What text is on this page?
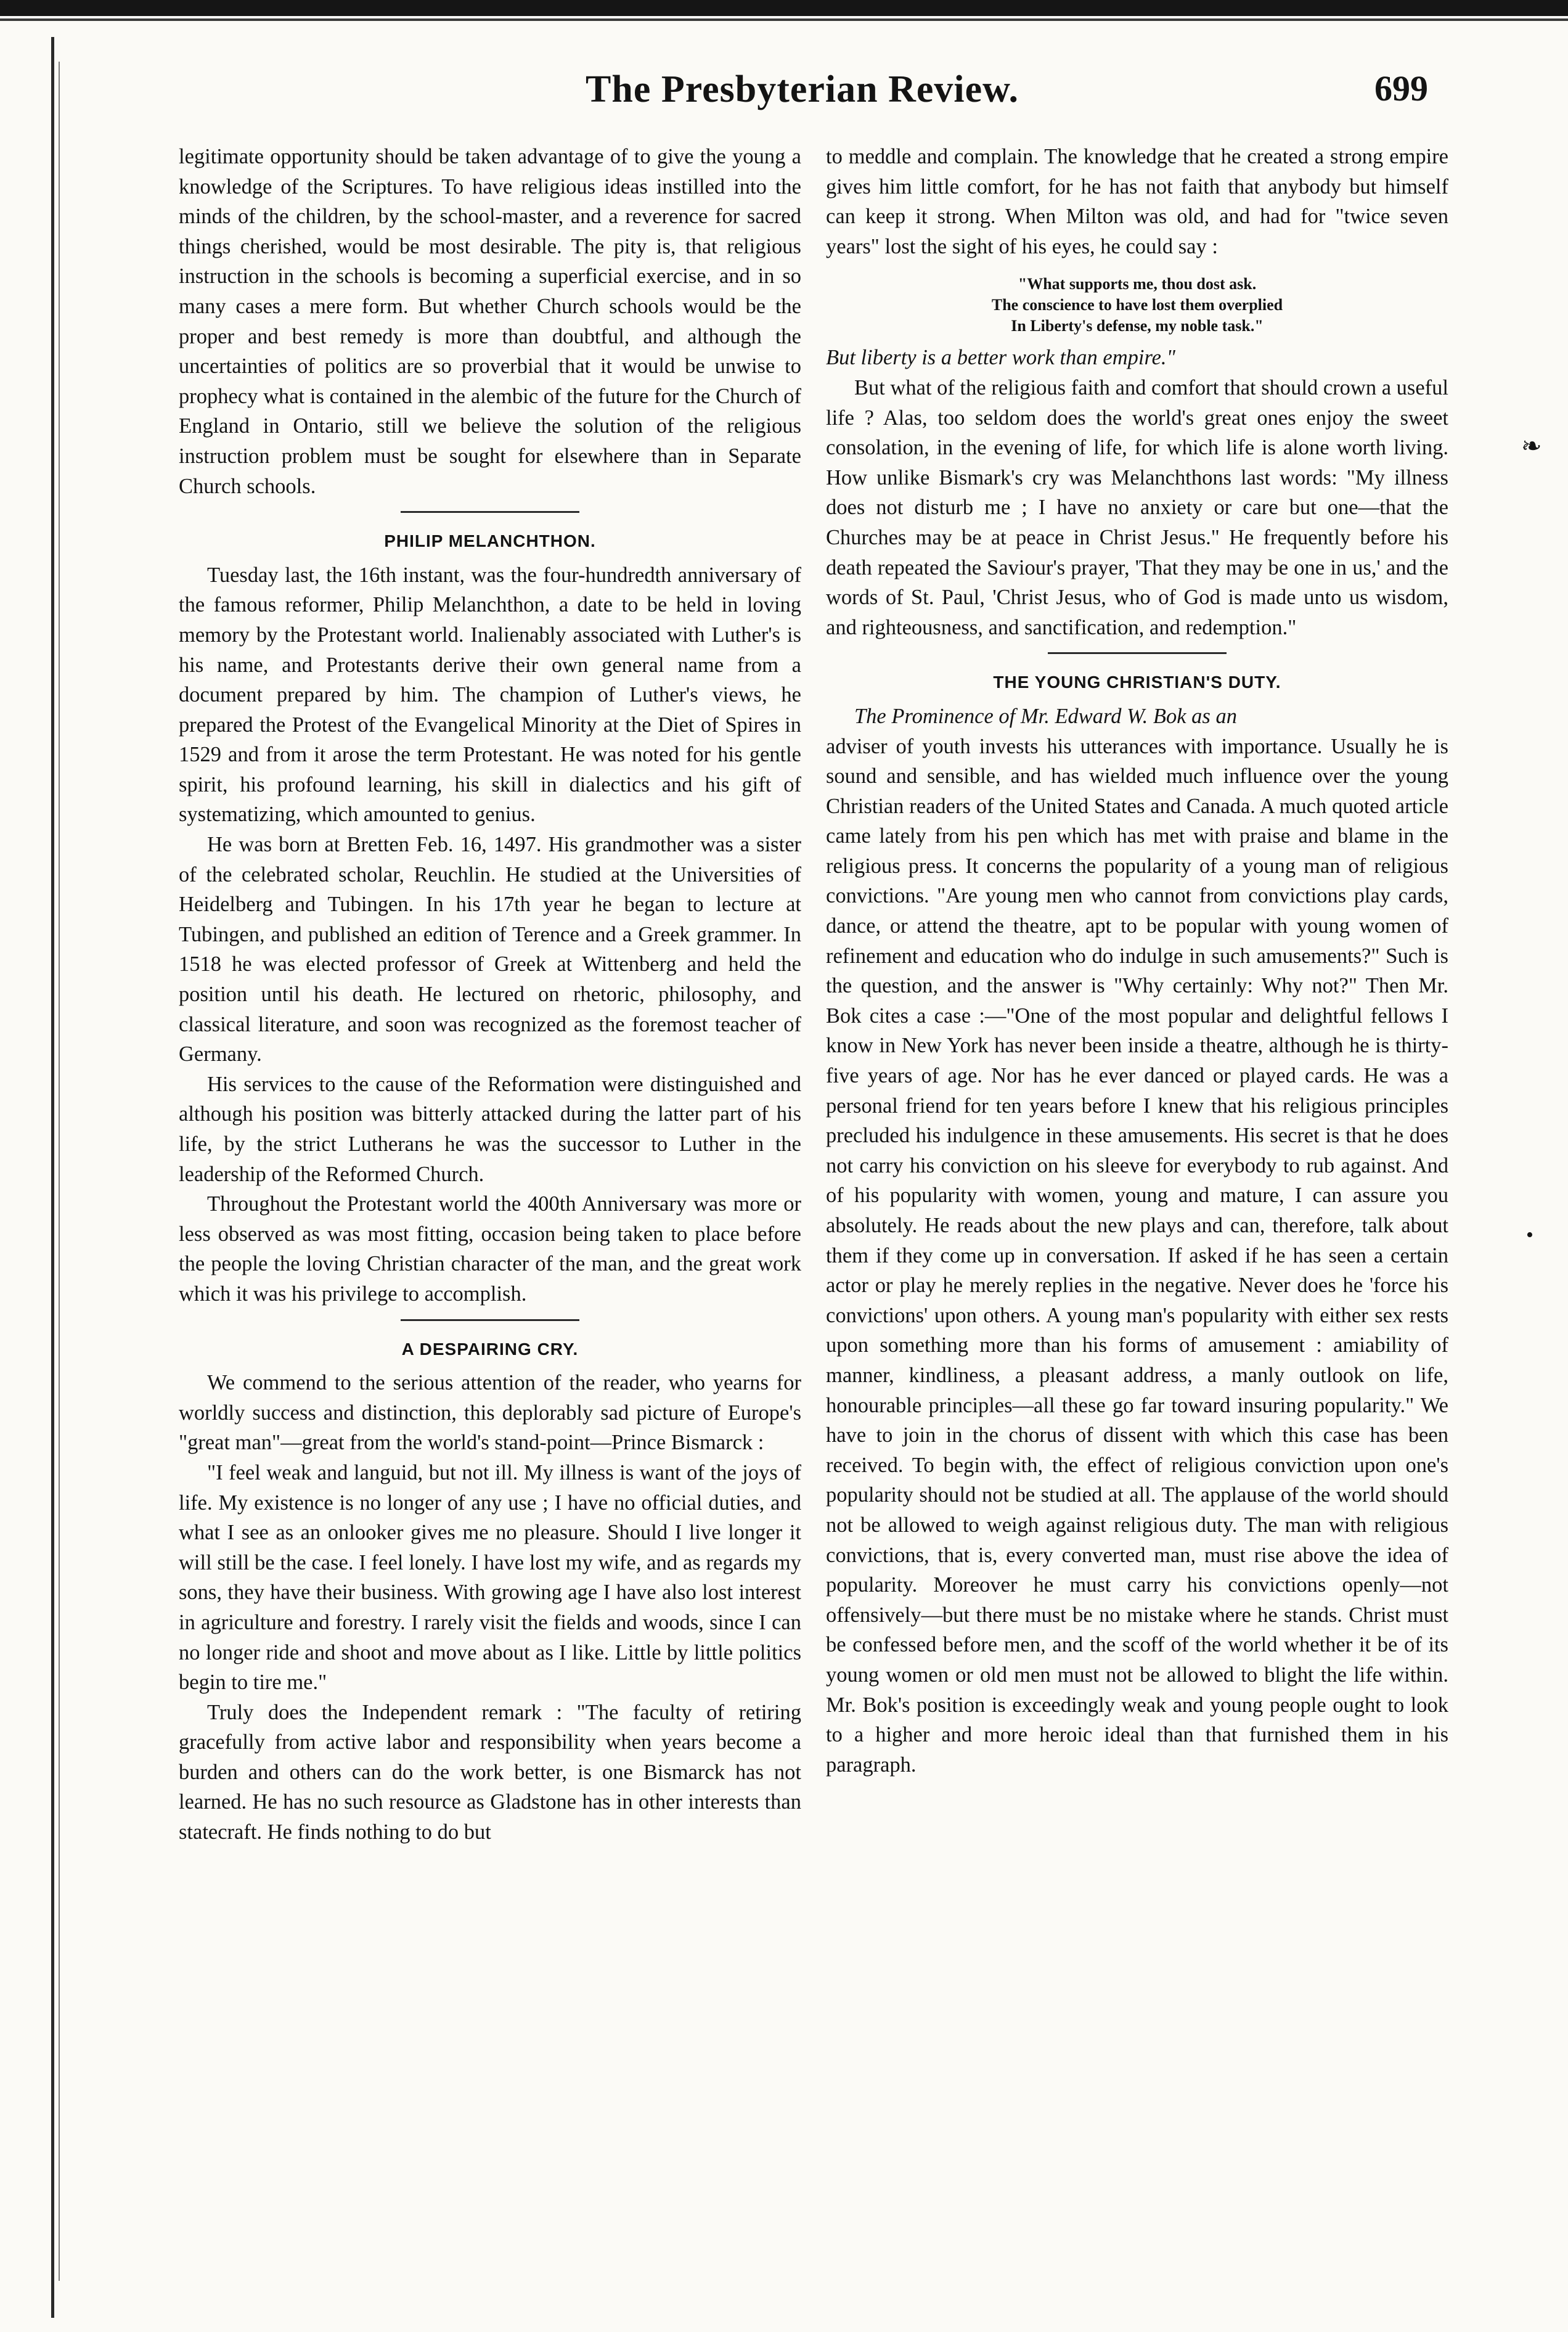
The Presbyterian Review.	699

legitimate opportunity should be taken advantage of to give the young a knowledge of the Scriptures. To have religious ideas instilled into the minds of the children, by the school-master, and a reverence for sacred things cherished, would be most desirable. The pity is, that religious instruction in the schools is becoming a superficial exercise, and in so many cases a mere form. But whether Church schools would be the proper and best remedy is more than doubtful, and although the uncertainties of politics are so proverbial that it would be unwise to prophecy what is contained in the alembic of the future for the Church of England in Ontario, still we believe the solution of the religious instruction problem must be sought for elsewhere than in Separate Church schools.

PHILIP MELANCHTHON.

Tuesday last, the 16th instant, was the four-hundredth anniversary of the famous reformer, Philip Melanchthon, a date to be held in loving memory by the Protestant world. Inalienably associated with Luther's is his name, and Protestants derive their own general name from a document prepared by him. The champion of Luther's views, he prepared the Protest of the Evangelical Minority at the Diet of Spires in 1529 and from it arose the term Protestant. He was noted for his gentle spirit, his profound learning, his skill in dialectics and his gift of systematizing, which amounted to genius.

He was born at Bretten Feb. 16, 1497. His grandmother was a sister of the celebrated scholar, Reuchlin. He studied at the Universities of Heidelberg and Tubingen. In his 17th year he began to lecture at Tubingen, and published an edition of Terence and a Greek grammer. In 1518 he was elected professor of Greek at Wittenberg and held the position until his death. He lectured on rhetoric, philosophy, and classical literature, and soon was recognized as the foremost teacher of Germany.

His services to the cause of the Reformation were distinguished and although his position was bitterly attacked during the latter part of his life, by the strict Lutherans he was the successor to Luther in the leadership of the Reformed Church.

Throughout the Protestant world the 400th Anniversary was more or less observed as was most fitting, occasion being taken to place before the people the loving Christian character of the man, and the great work which it was his privilege to accomplish.

A DESPAIRING CRY.

We commend to the serious attention of the reader, who yearns for worldly success and distinction, this deplorably sad picture of Europe's "great man"—great from the world's stand-point—Prince Bismarck :

"I feel weak and languid, but not ill. My illness is want of the joys of life. My existence is no longer of any use ; I have no official duties, and what I see as an onlooker gives me no pleasure. Should I live longer it will still be the case. I feel lonely. I have lost my wife, and as regards my sons, they have their business. With growing age I have also lost interest in agriculture and forestry. I rarely visit the fields and woods, since I can no longer ride and shoot and move about as I like. Little by little politics begin to tire me."

Truly does the Independent remark : "The faculty of retiring gracefully from active labor and responsibility when years become a burden and others can do the work better, is one Bismarck has not learned. He has no such resource as Gladstone has in other interests than statecraft. He finds nothing to do but

to meddle and complain. The knowledge that he created a strong empire gives him little comfort, for he has not faith that anybody but himself can keep it strong. When Milton was old, and had for "twice seven years" lost the sight of his eyes, he could say :

"What supports me, thou dost ask.
The conscience to have lost them overplied
In Liberty's defense, my noble task."

But liberty is a better work than empire."

But what of the religious faith and comfort that should crown a useful life ? Alas, too seldom does the world's great ones enjoy the sweet consolation, in the evening of life, for which life is alone worth living. How unlike Bismark's cry was Melanchthons last words: "My illness does not disturb me ; I have no anxiety or care but one—that the Churches may be at peace in Christ Jesus." He frequently before his death repeated the Saviour's prayer, 'That they may be one in us,' and the words of St. Paul, 'Christ Jesus, who of God is made unto us wisdom, and righteousness, and sanctification, and redemption."

THE YOUNG CHRISTIAN'S DUTY.

The Prominence of Mr. Edward W. Bok as an

adviser of youth invests his utterances with importance. Usually he is sound and sensible, and has wielded much influence over the young Christian readers of the United States and Canada. A much quoted article came lately from his pen which has met with praise and blame in the religious press. It concerns the popularity of a young man of religious convictions. "Are young men who cannot from convictions play cards, dance, or attend the theatre, apt to be popular with young women of refinement and education who do indulge in such amusements?" Such is the question, and the answer is "Why certainly: Why not?" Then Mr. Bok cites a case :—"One of the most popular and delightful fellows I know in New York has never been inside a theatre, although he is thirty-five years of age. Nor has he ever danced or played cards. He was a personal friend for ten years before I knew that his religious principles precluded his indulgence in these amusements. His secret is that he does not carry his conviction on his sleeve for everybody to rub against. And of his popularity with women, young and mature, I can assure you absolutely. He reads about the new plays and can, therefore, talk about them if they come up in conversation. If asked if he has seen a certain actor or play he merely replies in the negative. Never does he 'force his convictions' upon others. A young man's popularity with either sex rests upon something more than his forms of amusement : amiability of manner, kindliness, a pleasant address, a manly outlook on life, honourable principles—all these go far toward insuring popularity." We have to join in the chorus of dissent with which this case has been received. To begin with, the effect of religious conviction upon one's popularity should not be studied at all. The applause of the world should not be allowed to weigh against religious duty. The man with religious convictions, that is, every converted man, must rise above the idea of popularity. Moreover he must carry his convictions openly—not offensively—but there must be no mistake where he stands. Christ must be confessed before men, and the scoff of the world whether it be of its young women or old men must not be allowed to blight the life within. Mr. Bok's position is exceedingly weak and young people ought to look to a higher and more heroic ideal than that furnished them in his paragraph.

❧
•
